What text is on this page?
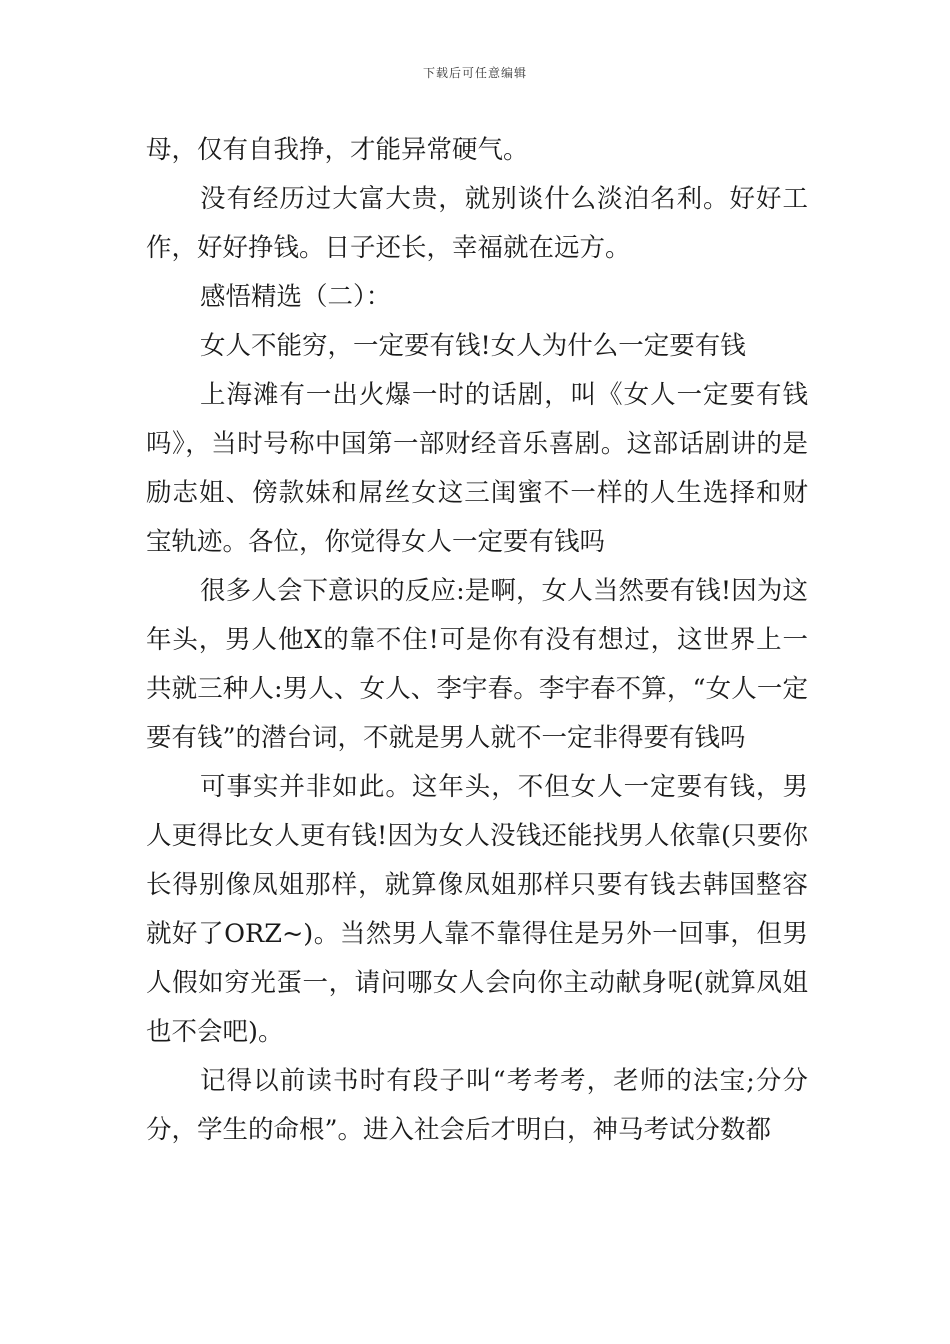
下载后可任意编辑

母，仅有自我挣，才能异常硬气。

没有经历过大富大贵，就别谈什么淡泊名利。好好工作，好好挣钱。日子还长，幸福就在远方。

感悟精选（二）：

女人不能穷，一定要有钱!女人为什么一定要有钱

上海滩有一出火爆一时的话剧，叫《女人一定要有钱吗》，当时号称中国第一部财经音乐喜剧。这部话剧讲的是励志姐、傍款妹和屌丝女这三闺蜜不一样的人生选择和财宝轨迹。各位，你觉得女人一定要有钱吗

很多人会下意识的反应:是啊，女人当然要有钱!因为这年头，男人他X的靠不住!可是你有没有想过，这世界上一共就三种人:男人、女人、李宇春。李宇春不算，“女人一定要有钱”的潜台词，不就是男人就不一定非得要有钱吗

可事实并非如此。这年头，不但女人一定要有钱，男人更得比女人更有钱!因为女人没钱还能找男人依靠(只要你长得别像凤姐那样，就算像凤姐那样只要有钱去韩国整容就好了ORZ~)。当然男人靠不靠得住是另外一回事，但男人假如穷光蛋一，请问哪女人会向你主动献身呢(就算凤姐也不会吧)。

记得以前读书时有段子叫“考考考，老师的法宝;分分分，学生的命根”。进入社会后才明白，神马考试分数都
